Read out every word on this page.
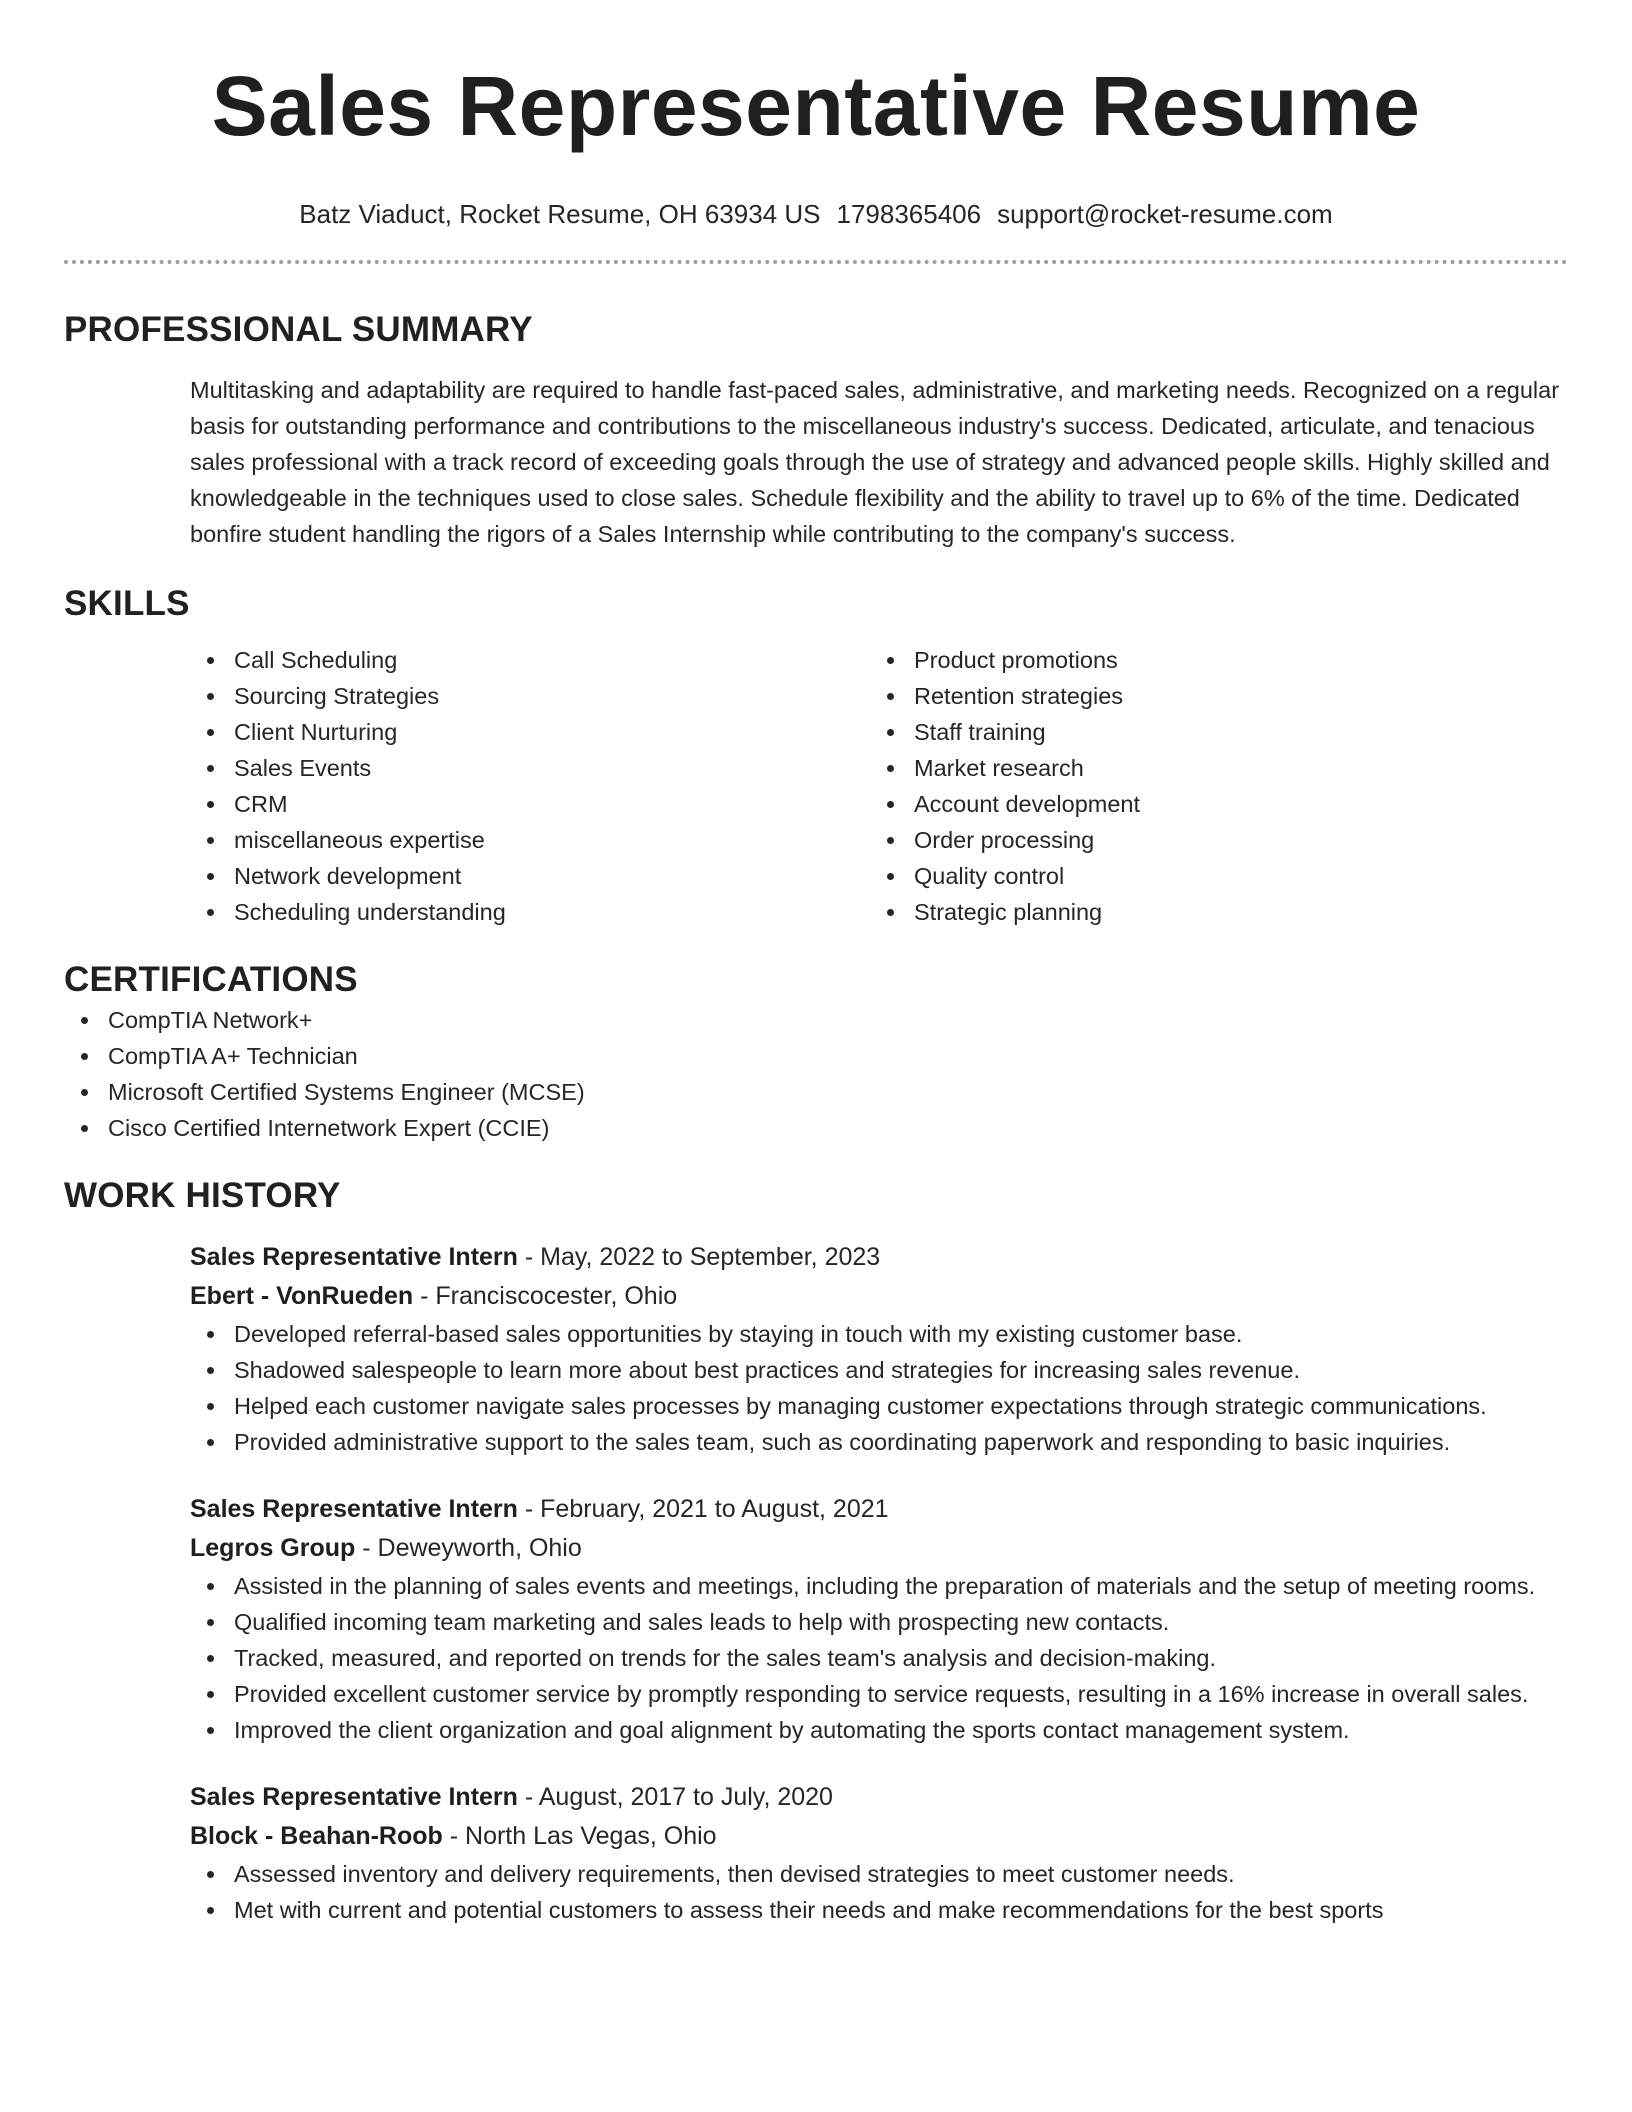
Sales Representative Resume
Batz Viaduct, Rocket Resume, OH 63934 US 1798365406 support@rocket-resume.com
PROFESSIONAL SUMMARY

Multitasking and adaptability are required to handle fast-paced sales, administrative, and marketing needs. Recognized on a regular basis for outstanding performance and contributions to the miscellaneous industry's success. Dedicated, articulate, and tenacious sales professional with a track record of exceeding goals through the use of strategy and advanced people skills. Highly skilled and knowledgeable in the techniques used to close sales. Schedule flexibility and the ability to travel up to 6% of the time. Dedicated bonfire student handling the rigors of a Sales Internship while contributing to the company's success.

SKILLS
Call Scheduling
Sourcing Strategies
Client Nurturing
Sales Events
CRM
miscellaneous expertise
Network development
Scheduling understanding
Product promotions
Retention strategies
Staff training
Market research
Account development
Order processing
Quality control
Strategic planning
CERTIFICATIONS
CompTIA Network+
CompTIA A+ Technician
Microsoft Certified Systems Engineer (MCSE)
Cisco Certified Internetwork Expert (CCIE)
WORK HISTORY
Sales Representative Intern - May, 2022 to September, 2023
Ebert - VonRueden - Franciscocester, Ohio
Developed referral-based sales opportunities by staying in touch with my existing customer base.
Shadowed salespeople to learn more about best practices and strategies for increasing sales revenue.
Helped each customer navigate sales processes by managing customer expectations through strategic communications.
Provided administrative support to the sales team, such as coordinating paperwork and responding to basic inquiries.
Sales Representative Intern - February, 2021 to August, 2021
Legros Group - Deweyworth, Ohio
Assisted in the planning of sales events and meetings, including the preparation of materials and the setup of meeting rooms.
Qualified incoming team marketing and sales leads to help with prospecting new contacts.
Tracked, measured, and reported on trends for the sales team's analysis and decision-making.
Provided excellent customer service by promptly responding to service requests, resulting in a 16% increase in overall sales.
Improved the client organization and goal alignment by automating the sports contact management system.
Sales Representative Intern - August, 2017 to July, 2020
Block - Beahan-Roob - North Las Vegas, Ohio
Assessed inventory and delivery requirements, then devised strategies to meet customer needs.
Met with current and potential customers to assess their needs and make recommendations for the best sports
